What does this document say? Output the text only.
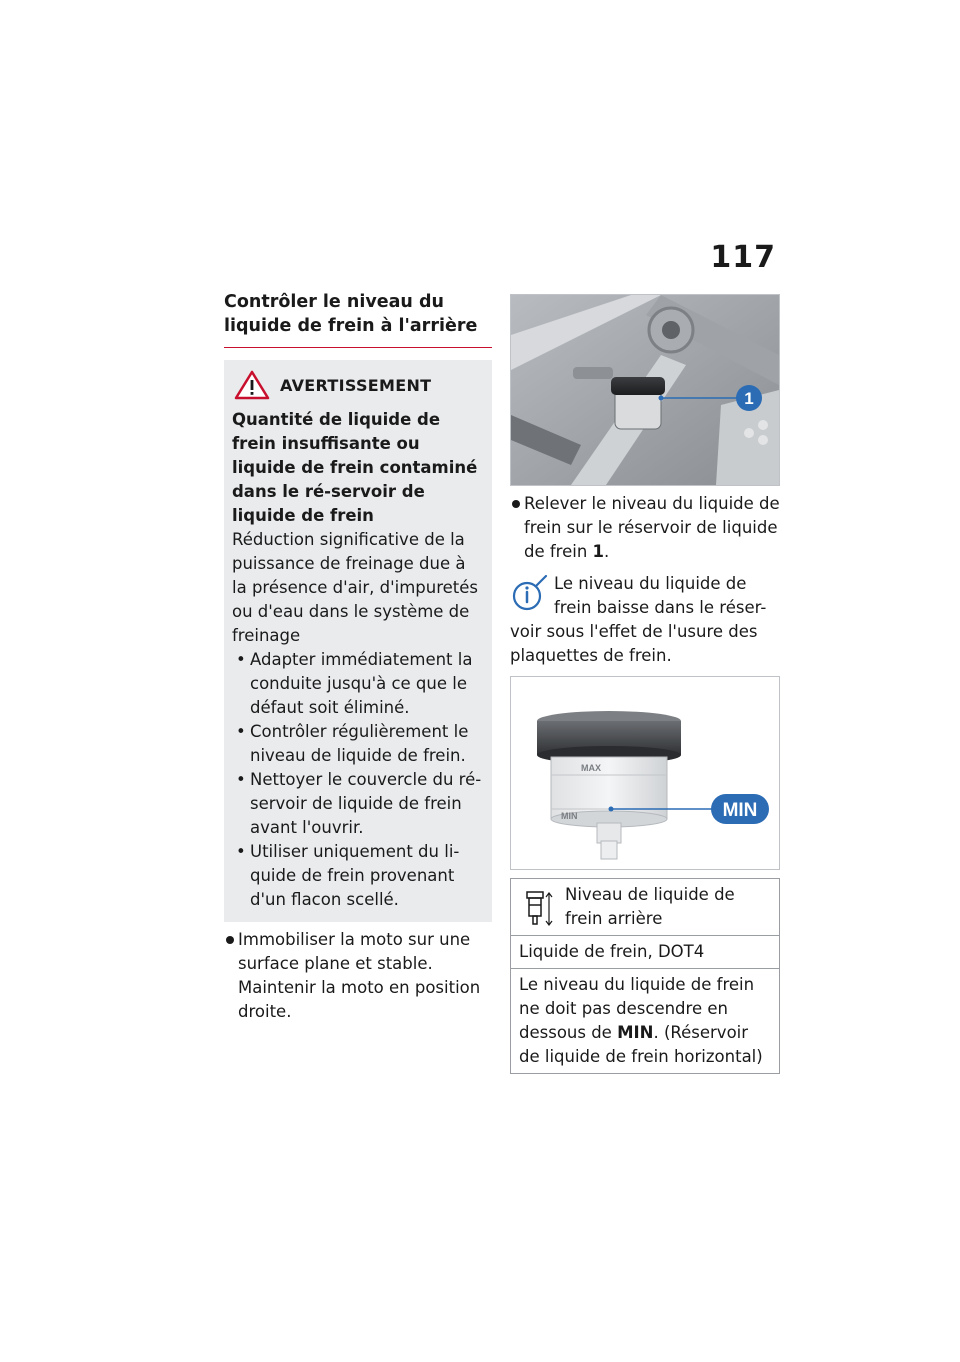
117
Contrôler le niveau du liquide de frein à l'arrière
AVERTISSEMENT
Quantité de liquide de frein insuffisante ou liquide de frein contaminé dans le ré-servoir de liquide de frein
Réduction significative de la puissance de freinage due à la présence d'air, d'impuretés ou d'eau dans le système de freinage
• Adapter immédiatement la conduite jusqu'à ce que le défaut soit éliminé.
• Contrôler régulièrement le niveau de liquide de frein.
• Nettoyer le couvercle du ré-servoir de liquide de frein avant l'ouvrir.
• Utiliser uniquement du li-quide de frein provenant d'un flacon scellé.
Immobiliser la moto sur une surface plane et stable. Maintenir la moto en position droite.
1
Relever le niveau du liquide de frein sur le réservoir de liquide de frein 1.
Le niveau du liquide de frein baisse dans le réser-voir sous l'effet de l'usure des plaquettes de frein.
MAX
MIN	MIN
Niveau de liquide de frein arrière

Liquide de frein, DOT4
Le niveau du liquide de frein ne doit pas descendre en dessous de MIN. (Réservoir de liquide de frein horizontal)
